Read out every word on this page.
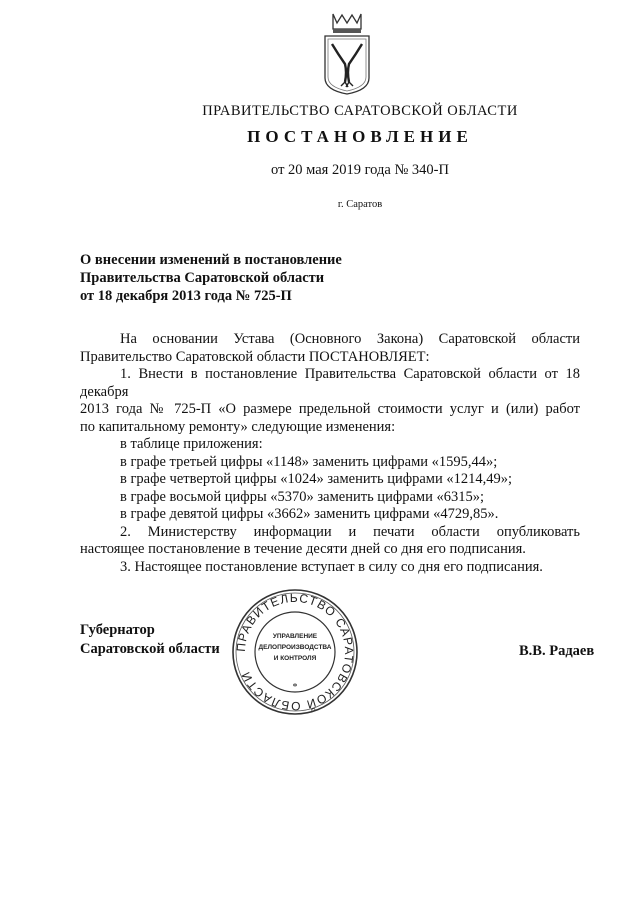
ПРАВИТЕЛЬСТВО САРАТОВСКОЙ ОБЛАСТИ
ПОСТАНОВЛЕНИЕ
от 20 мая 2019 года № 340-П
г. Саратов
О внесении изменений в постановление
Правительства Саратовской области
от 18 декабря 2013 года № 725-П
На основании Устава (Основного Закона) Саратовской области
Правительство Саратовской области ПОСТАНОВЛЯЕТ:
1. Внести в постановление Правительства Саратовской области от 18 декабря
2013 года № 725-П «О размере предельной стоимости услуг и (или) работ
по капитальному ремонту» следующие изменения:
в таблице приложения:
в графе третьей цифры «1148» заменить цифрами «1595,44»;
в графе четвертой цифры «1024» заменить цифрами «1214,49»;
в графе восьмой цифры «5370» заменить цифрами «6315»;
в графе девятой цифры «3662» заменить цифрами «4729,85».
2. Министерству информации и печати области опубликовать
настоящее постановление в течение десяти дней со дня его подписания.
3. Настоящее постановление вступает в силу со дня его подписания.
Губернатор
Саратовской области	В.В. Радаев
ПРАВИТЕЛЬСТВО САРАТОВСКОЙ ОБЛАСТИ
УПРАВЛЕНИЕ
ДЕЛОПРОИЗВОДСТВА
И КОНТРОЛЯ
*
